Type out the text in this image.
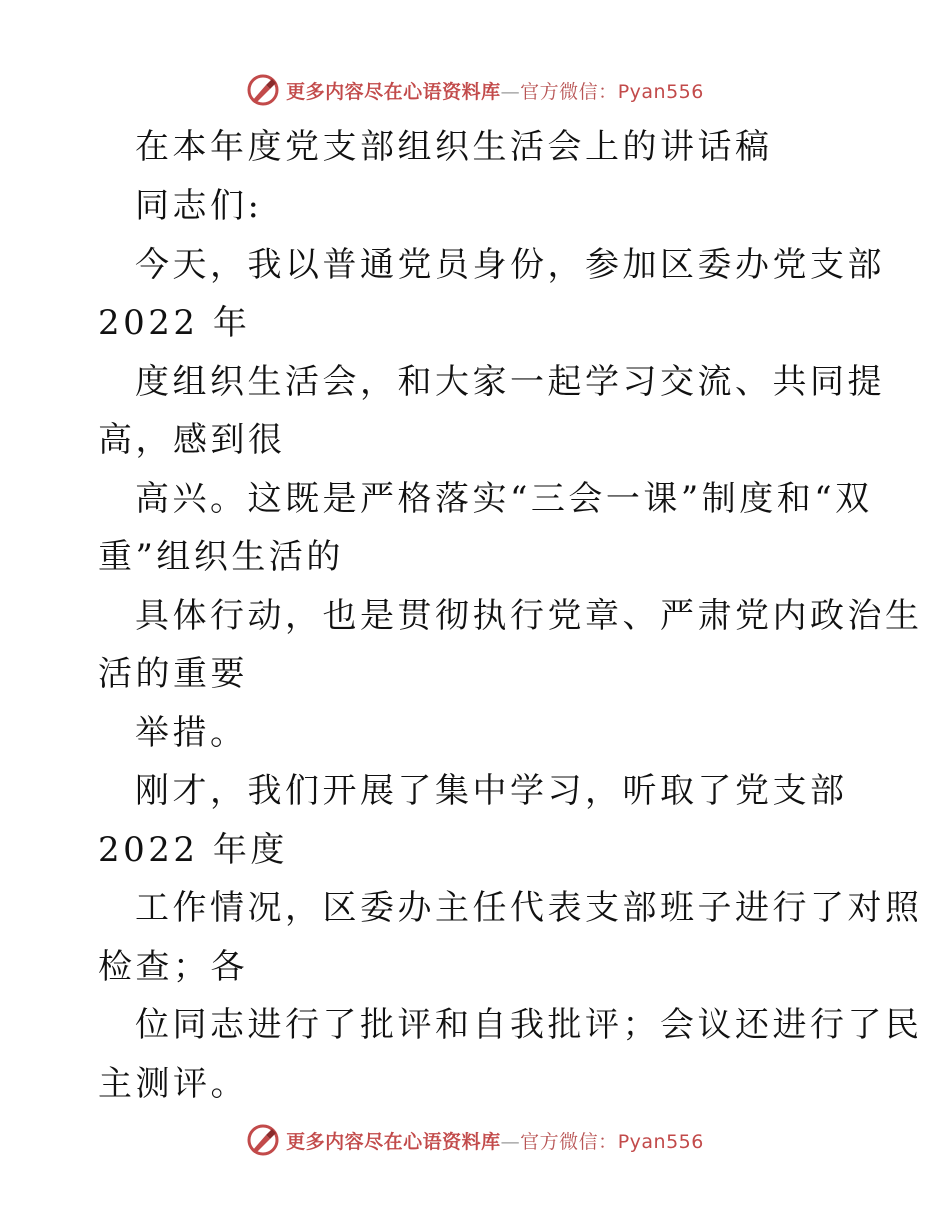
更多内容尽在心语资料库—官方微信：Pyan556
在本年度党支部组织生活会上的讲话稿
同志们:
今天，我以普通党员身份，参加区委办党支部
2022 年
度组织生活会，和大家一起学习交流、共同提
高，感到很
高兴。这既是严格落实“三会一课”制度和“双
重”组织生活的
具体行动，也是贯彻执行党章、严肃党内政治生
活的重要
举措。
刚才，我们开展了集中学习，听取了党支部
2022 年度
工作情况，区委办主任代表支部班子进行了对照
检查；各
位同志进行了批评和自我批评；会议还进行了民
主测评。
更多内容尽在心语资料库—官方微信：Pyan556
